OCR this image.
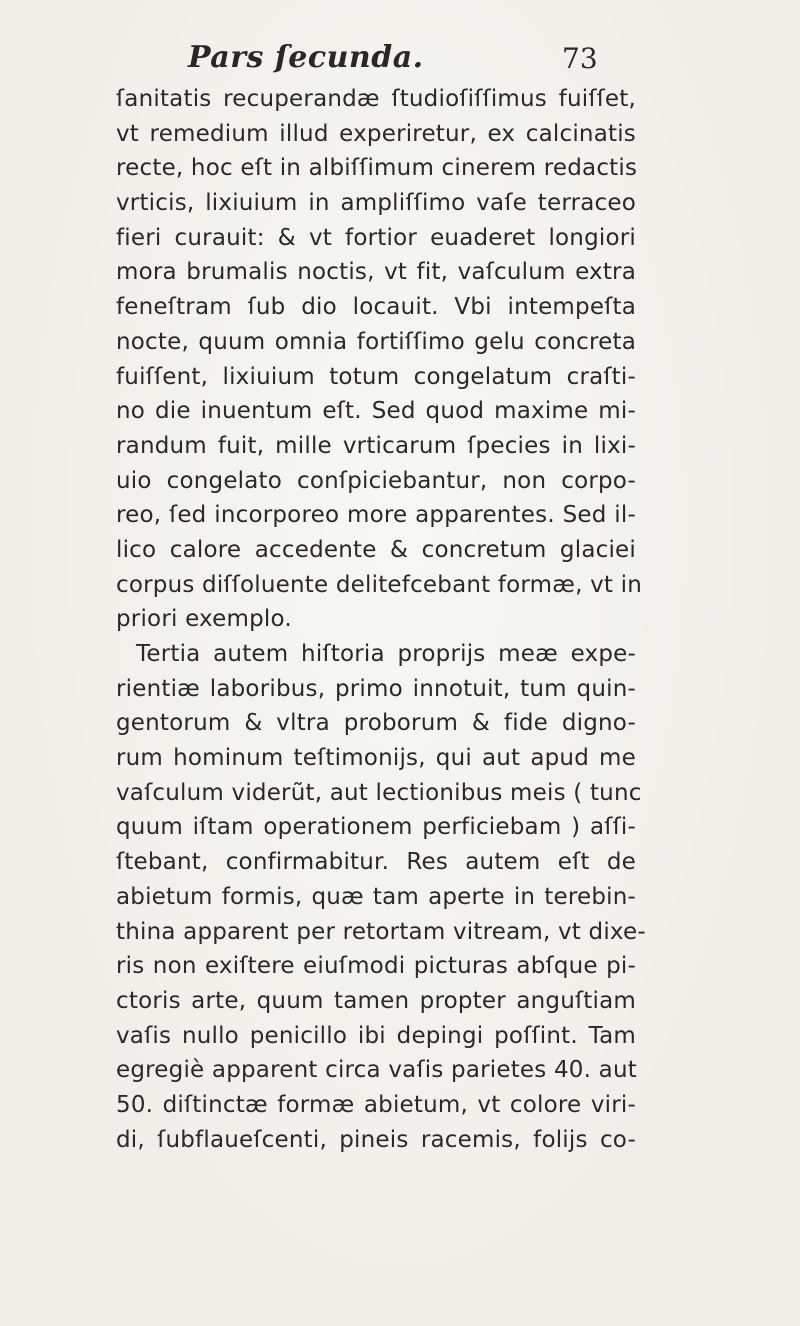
Pars ſecunda.	73
ſanitatis recuperandæ ſtudioſiſſimus fuiſſet,
vt remedium illud experiretur, ex calcinatis
recte, hoc eſt in albiſſimum cinerem redactis
vrticis, lixiuium in ampliſſimo vaſe terraceo
fieri curauit: & vt fortior euaderet longiori
mora brumalis noctis, vt fit, vaſculum extra
feneſtram ſub dio locauit. Vbi intempeſta
nocte, quum omnia fortiſſimo gelu concreta
fuiſſent, lixiuium totum congelatum craſti-
no die inuentum eſt. Sed quod maxime mi-
randum fuit, mille vrticarum ſpecies in lixi-
uio congelato conſpiciebantur, non corpo-
reo, ſed incorporeo more apparentes. Sed il-
lico calore accedente & concretum glaciei
corpus diſſoluente delitefcebant formæ, vt in
priori exemplo.
Tertia autem hiſtoria proprijs meæ expe-
rientiæ laboribus, primo innotuit, tum quin-
gentorum & vltra proborum & fide digno-
rum hominum teſtimonijs, qui aut apud me
vaſculum viderũt, aut lectionibus meis ( tunc
quum iſtam operationem perficiebam ) aſſi-
ſtebant, confirmabitur. Res autem eſt de
abietum formis, quæ tam aperte in terebin-
thina apparent per retortam vitream, vt dixe-
ris non exiſtere eiuſmodi picturas abſque pi-
ctoris arte, quum tamen propter anguſtiam
vaſis nullo penicillo ibi depingi poſſint. Tam
egregiè apparent circa vaſis parietes 40. aut
50. diſtinctæ formæ abietum, vt colore viri-
di, ſubflaueſcenti, pineis racemis, folijs co-
